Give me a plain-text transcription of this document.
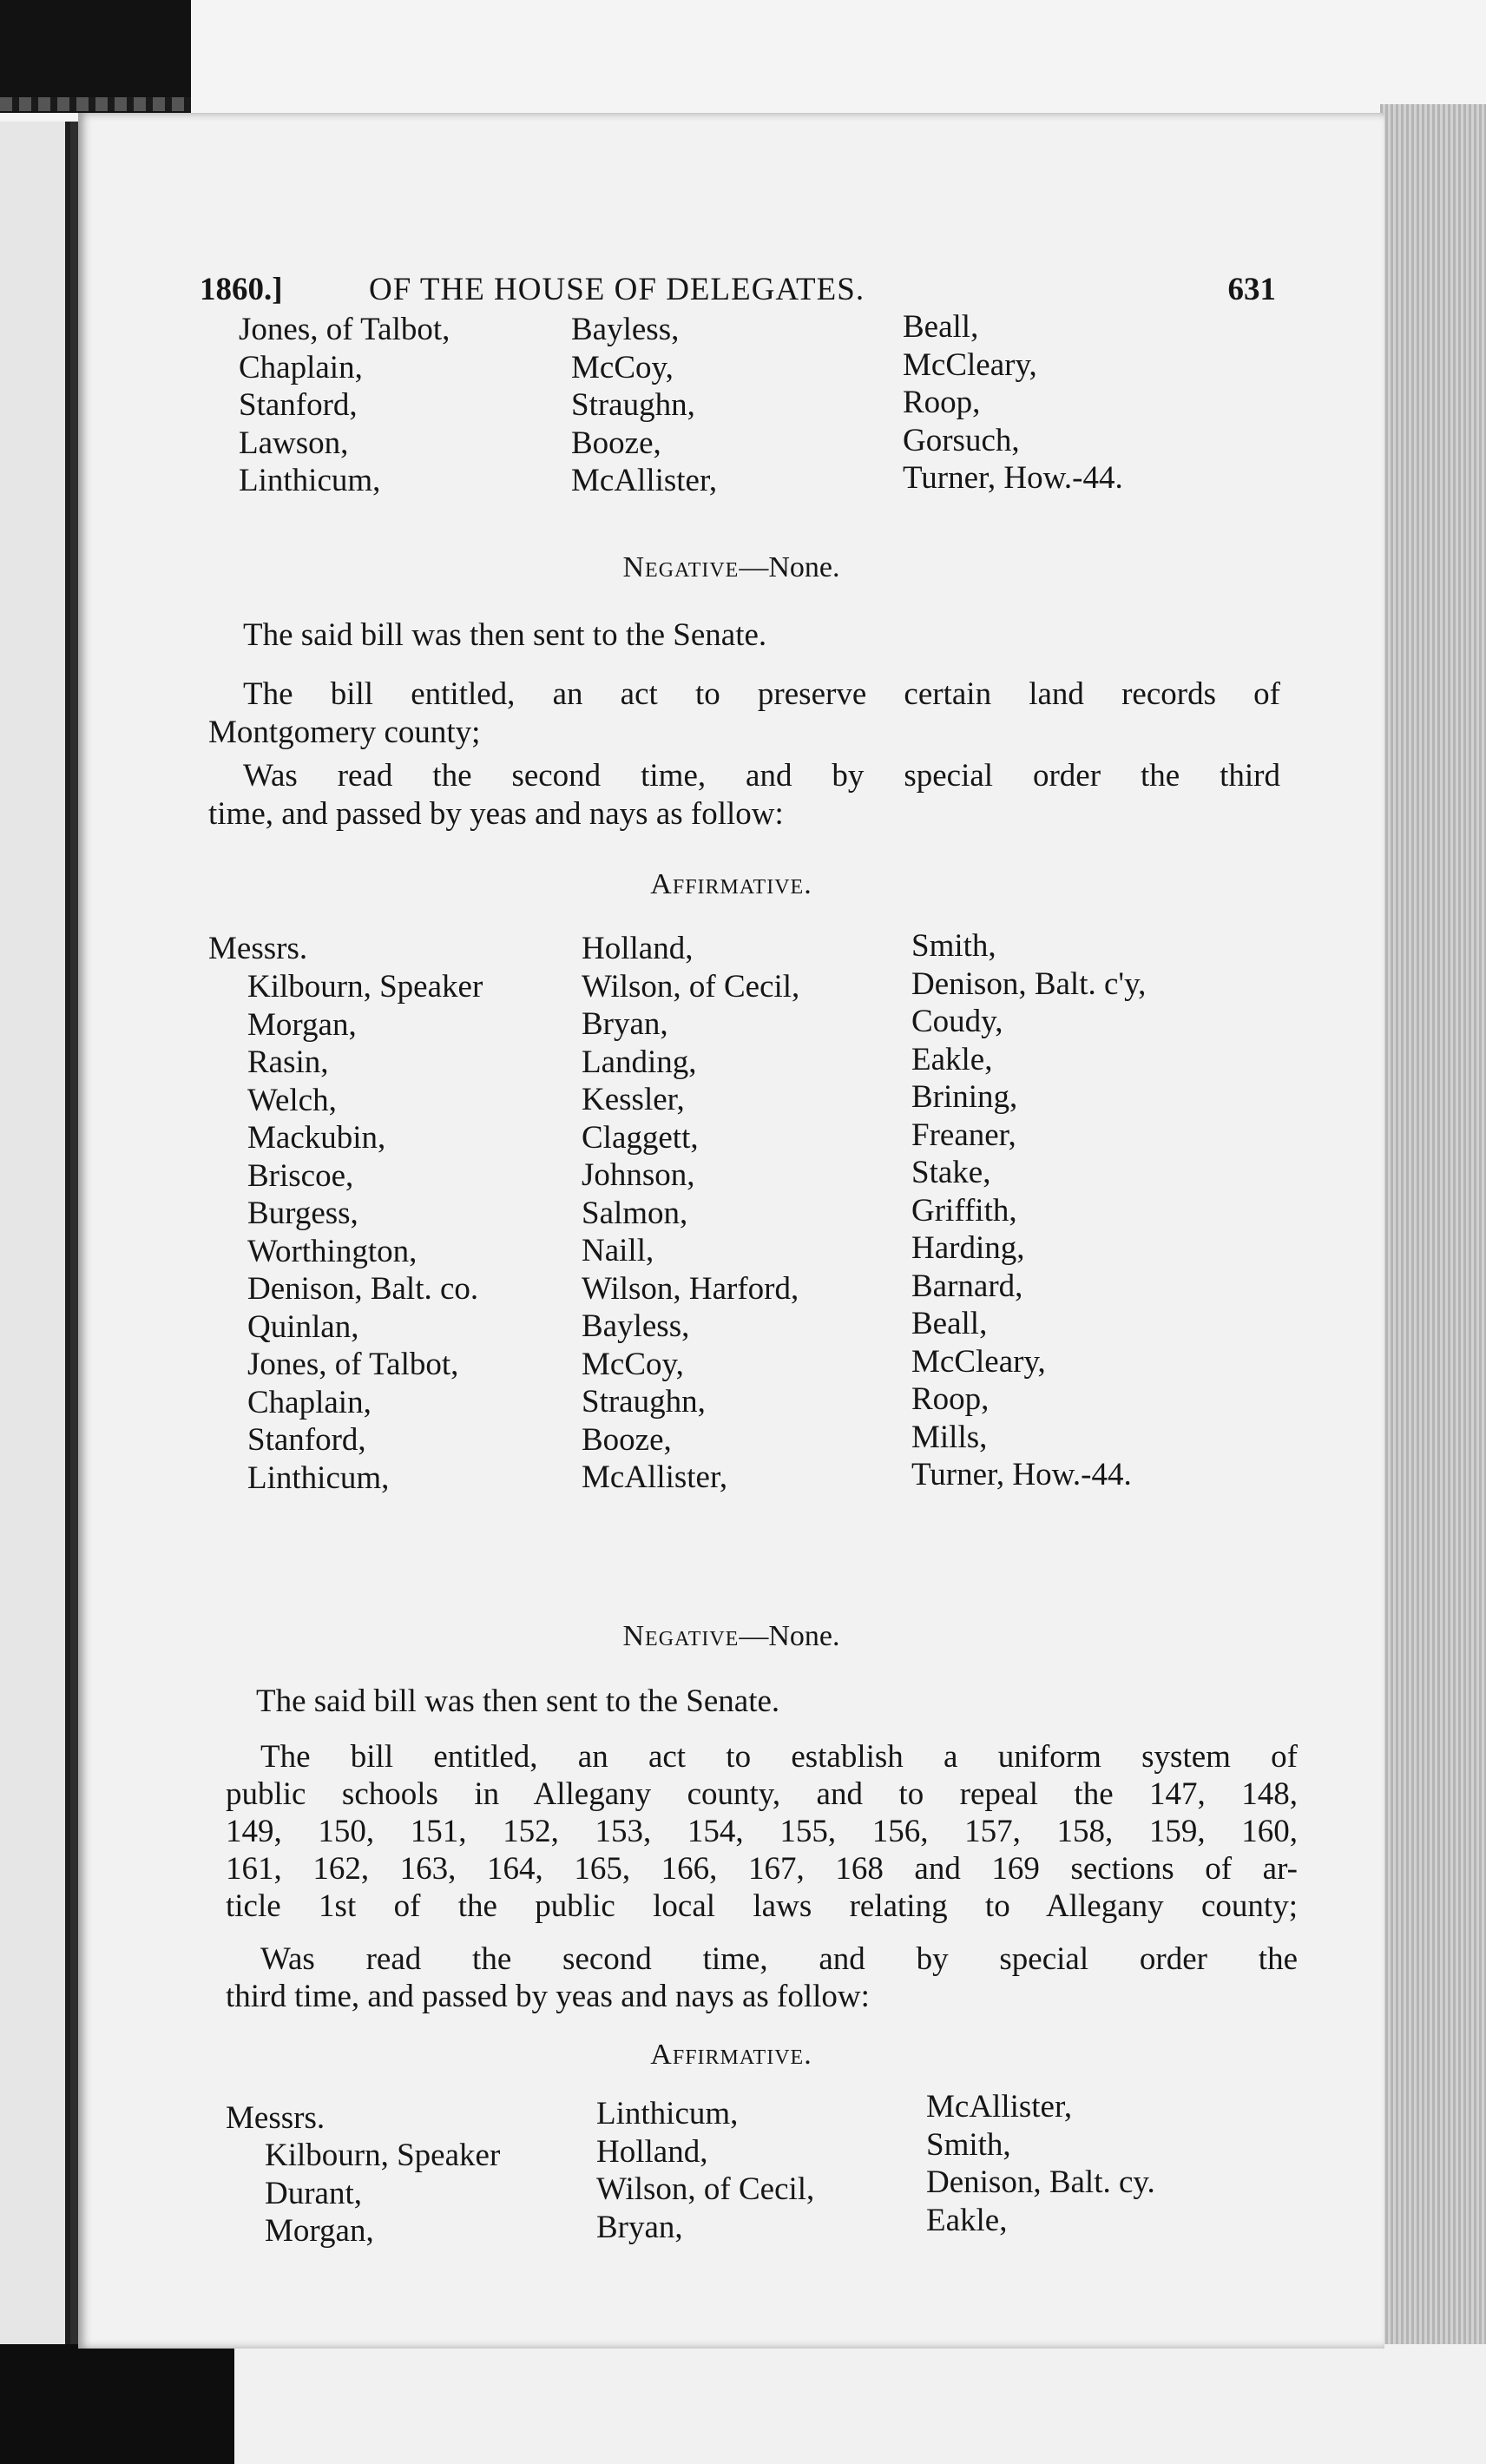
1860.]	OF THE HOUSE OF DELEGATES.	631
Jones, of Talbot,
Chaplain,
Stanford,
Lawson,
Linthicum,
Bayless,
McCoy,
Straughn,
Booze,
McAllister,
Beall,
McCleary,
Roop,
Gorsuch,
Turner, How.-44.
Negative—None.
The said bill was then sent to the Senate.
The bill entitled, an act to preserve certain land records of
Montgomery county;
Was read the second time, and by special order the third
time, and passed by yeas and nays as follow:
Affirmative.
Messrs.
Kilbourn, Speaker
Morgan,
Rasin,
Welch,
Mackubin,
Briscoe,
Burgess,
Worthington,
Denison, Balt. co.
Quinlan,
Jones, of Talbot,
Chaplain,
Stanford,
Linthicum,
Holland,
Wilson, of Cecil,
Bryan,
Landing,
Kessler,
Claggett,
Johnson,
Salmon,
Naill,
Wilson, Harford,
Bayless,
McCoy,
Straughn,
Booze,
McAllister,
Smith,
Denison, Balt. c'y,
Coudy,
Eakle,
Brining,
Freaner,
Stake,
Griffith,
Harding,
Barnard,
Beall,
McCleary,
Roop,
Mills,
Turner, How.-44.
Negative—None.
The said bill was then sent to the Senate.
The bill entitled, an act to establish a uniform system of
public schools in Allegany county, and to repeal the 147, 148,
149, 150, 151, 152, 153, 154, 155, 156, 157, 158, 159, 160,
161, 162, 163, 164, 165, 166, 167, 168 and 169 sections of ar-
ticle 1st of the public local laws relating to Allegany county;
Was read the second time, and by special order the
third time, and passed by yeas and nays as follow:
Affirmative.
Messrs.
Kilbourn, Speaker
Durant,
Morgan,
Linthicum,
Holland,
Wilson, of Cecil,
Bryan,
McAllister,
Smith,
Denison, Balt. cy.
Eakle,
